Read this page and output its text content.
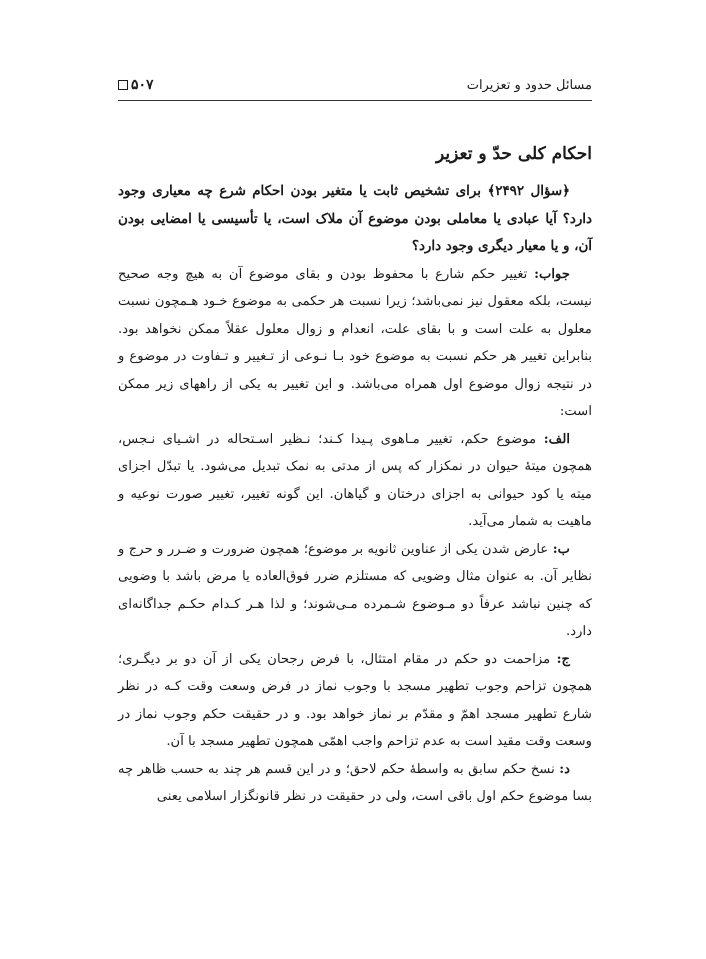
مسائل حدود و تعزیرات
۵۰۷
احکام کلی حدّ و تعزیر

﴿سؤال ۲۴۹۲﴾ برای تشخیص ثابت یا متغیر بودن احکام شرع چه معیاری وجود دارد؟ آیا عبادی یا معاملی بودن موضوع آن ملاک است، یا تأسیسی یا امضایی بودن آن، و یا معیار دیگری وجود دارد؟

جواب: تغییر حکم شارع با محفوظ بودن و بقای موضوع آن به هیچ وجه صحیح نیست، بلکه معقول نیز نمی‌باشد؛ زیرا نسبت هر حکمی به موضوع خـود هـمچون نسبت معلول به علت است و با بقای علت، انعدام و زوال معلول عقلاً ممکن نخواهد بود. بنابراین تغییر هر حکم نسبت به موضوع خود بـا نـوعی از تـغییر و تـفاوت در موضوع و در نتیجه زوال موضوع اول همراه می‌باشد. و این تغییر به یکی از راههای زیر ممکن است:

الف: موضوع حکم، تغییر مـاهوی پـیدا کـند؛ نـظیر اسـتحاله در اشـیای نـجس، همچون میتهٔ حیوان در نمکزار که پس از مدتی به نمک تبدیل می‌شود. یا تبدّل اجزای میته یا کود حیوانی به اجزای درختان و گیاهان. این گونه تغییر، تغییر صورت نوعیه و ماهیت به شمار می‌آید.

ب: عارض شدن یکی از عناوین ثانویه بر موضوع؛ همچون ضرورت و ضـرر و حرج و نظایر آن. به عنوان مثال وضویی که مستلزم ضرر فوق‌العاده یا مرض باشد با وضویی که چنین نباشد عرفاً دو مـوضوع شـمرده مـی‌شوند؛ و لذا هـر کـدام حکـم جداگانه‌ای دارد.

ج: مزاحمت دو حکم در مقام امتثال، با فرض رجحان یکی از آن دو بر دیگـری؛ همچون تزاحم وجوب تطهیر مسجد با وجوب نماز در فرض وسعت وقت کـه در نظر شارع تطهیر مسجد اهمّ و مقدّم بر نماز خواهد بود. و در حقیقت حکم وجوب نماز در وسعت وقت مقید است به عدم تزاحم واجب اهمّی همچون تطهیر مسجد با آن.

د: نسخ حکم سابق به واسطهٔ حکم لاحق؛ و در این قسم هر چند به حسب ظاهر چه بسا موضوع حکم اول باقی است، ولی در حقیقت در نظر قانونگزار اسلامی یعنی
